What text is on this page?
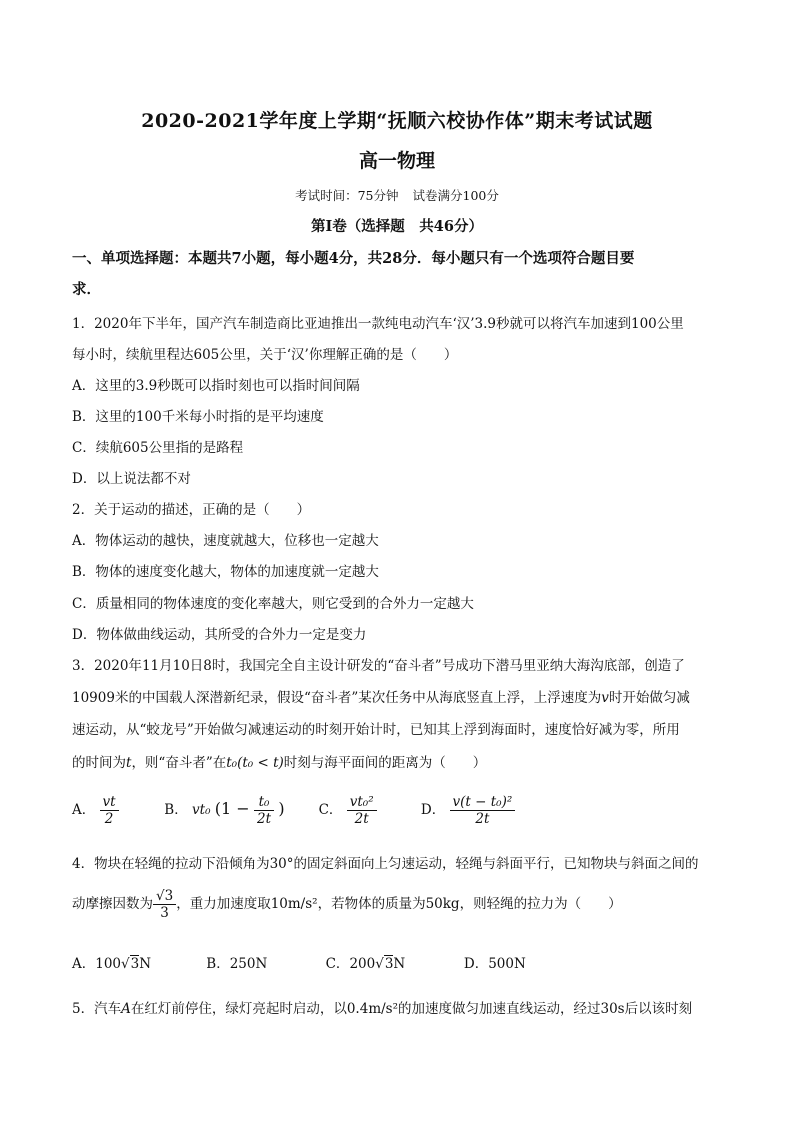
2020-2021学年度上学期“抚顺六校协作体”期末考试试题
高一物理
考试时间：75分钟 试卷满分100分
第Ⅰ卷（选择题　共46分）
一、单项选择题：本题共7小题，每小题4分，共28分．每小题只有一个选项符合题目要
求．
1．2020年下半年，国产汽车制造商比亚迪推出一款纯电动汽车‘汉’3.9秒就可以将汽车加速到100公里
每小时，续航里程达605公里，关于‘汉’你理解正确的是（　　）
A．这里的3.9秒既可以指时刻也可以指时间间隔
B．这里的100千米每小时指的是平均速度
C．续航605公里指的是路程
D．以上说法都不对
2．关于运动的描述，正确的是（　　）
A．物体运动的越快，速度就越大，位移也一定越大
B．物体的速度变化越大，物体的加速度就一定越大
C．质量相同的物体速度的变化率越大，则它受到的合外力一定越大
D．物体做曲线运动，其所受的合外力一定是变力
3．2020年11月10日8时，我国完全自主设计研发的“奋斗者”号成功下潜马里亚纳大海沟底部，创造了
10909米的中国载人深潜新纪录，假设“奋斗者”某次任务中从海底竖直上浮，上浮速度为v时开始做匀减
速运动，从“蛟龙号”开始做匀减速运动的时刻开始计时，已知其上浮到海面时，速度恰好减为零，所用
的时间为t，则“奋斗者”在t₀(t₀ < t)时刻与海平面间的距离为（　　）
A． $\frac{vt}{2}$	B． vt₀ ($1 - \frac{\text{t₀}}{2t}$ )	C． $\frac{\text{vt₀²}}{2t}$	D． $\frac{\text{v(t − t₀)²}}{2t}$
4．物块在轻绳的拉动下沿倾角为30°的固定斜面向上匀速运动，轻绳与斜面平行，已知物块与斜面之间的
动摩擦因数为 $\frac{√3}{3}$ ，重力加速度取10m/s²，若物体的质量为50kg，则轻绳的拉力为（　　）
A．100√3N	B．250N	C．200√3N	D．500N
5．汽车A在红灯前停住，绿灯亮起时启动，以0.4m/s²的加速度做匀加速直线运动，经过30s后以该时刻
